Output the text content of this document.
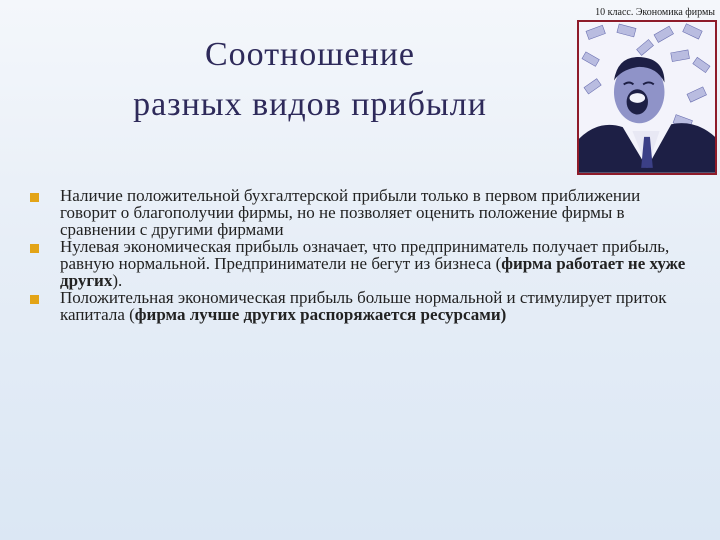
10 класс. Экономика фирмы
Соотношение
разных видов прибыли
Наличие положительной бухгалтерской прибыли только в первом приближении говорит о благополучии фирмы, но не позволяет оценить положение фирмы в сравнении с другими фирмами
Нулевая экономическая прибыль означает, что предприниматель получает прибыль, равную нормальной. Предприниматели не бегут из бизнеса (фирма работает не хуже других).
Положительная экономическая прибыль больше нормальной и стимулирует приток капитала (фирма лучше других распоряжается ресурсами)
